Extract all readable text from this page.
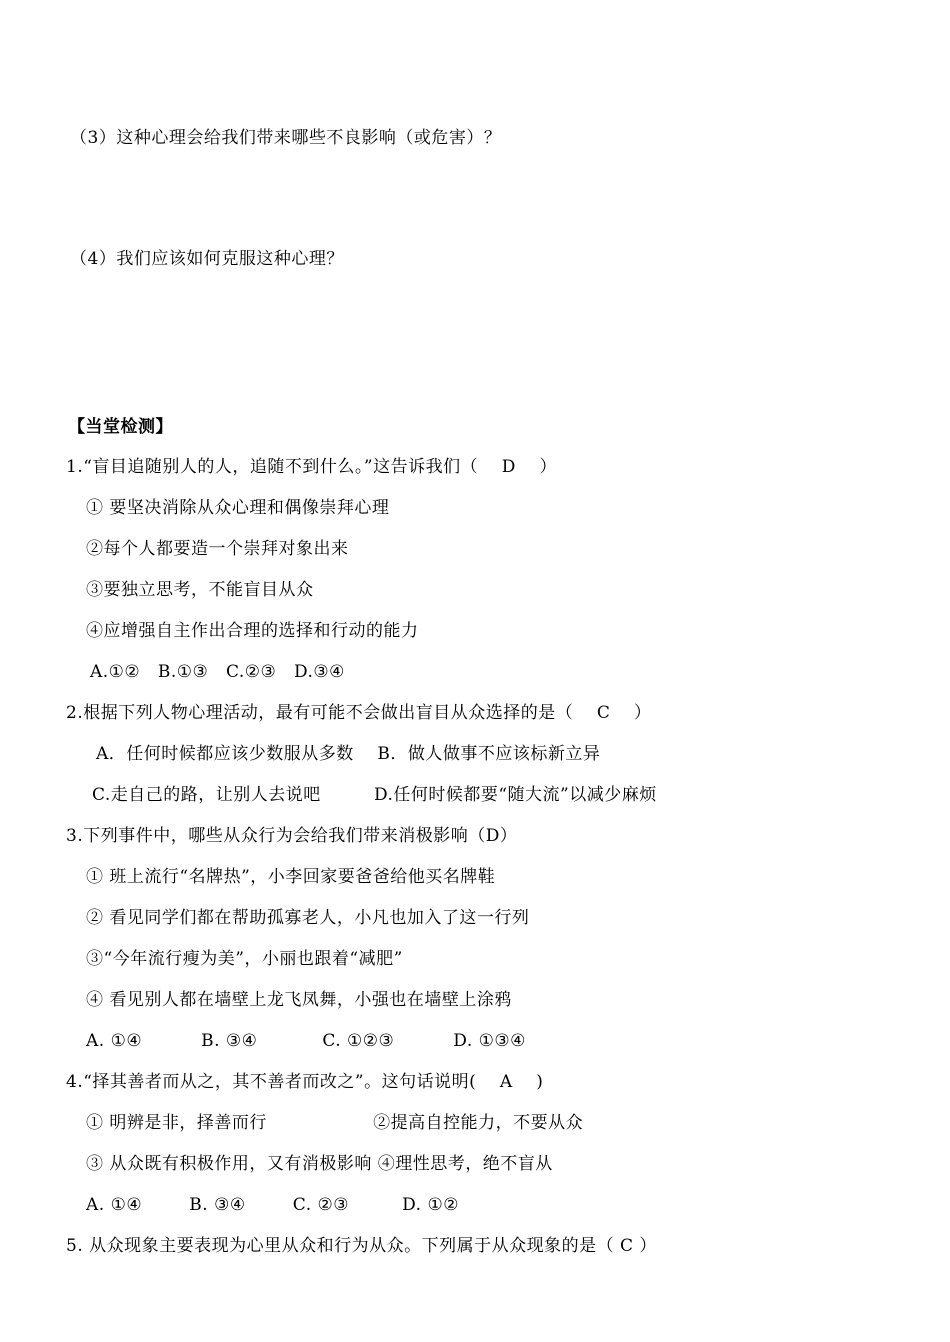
（3）这种心理会给我们带来哪些不良影响（或危害）？
（4）我们应该如何克服这种心理？
【当堂检测】
1.“盲目追随别人的人，追随不到什么。”这告诉我们（    D    ）
① 要坚决消除从众心理和偶像崇拜心理
②每个人都要造一个崇拜对象出来
③要独立思考，不能盲目从众
④应增强自主作出合理的选择和行动的能力
A.①②   B.①③   C.②③   D.③④
2.根据下列人物心理活动，最有可能不会做出盲目从众选择的是（    C    ）
A．任何时候都应该少数服从多数    B．做人做事不应该标新立异
C.走自己的路，让别人去说吧         D.任何时候都要“随大流”以减少麻烦
3.下列事件中，哪些从众行为会给我们带来消极影响（D）
① 班上流行“名牌热”，小李回家要爸爸给他买名牌鞋
② 看见同学们都在帮助孤寡老人，小凡也加入了这一行列
③“今年流行瘦为美”，小丽也跟着“减肥”
④ 看见别人都在墙壁上龙飞凤舞，小强也在墙壁上涂鸦
A. ①④          B. ③④           C. ①②③          D. ①③④
4.“择其善者而从之，其不善者而改之”。这句话说明(    A    )
① 明辨是非，择善而行                  ②提高自控能力，不要从众
③ 从众既有积极作用，又有消极影响 ④理性思考，绝不盲从
A. ①④        B. ③④        C. ②③         D. ①②
5. 从众现象主要表现为心里从众和行为从众。下列属于从众现象的是（ C ）
